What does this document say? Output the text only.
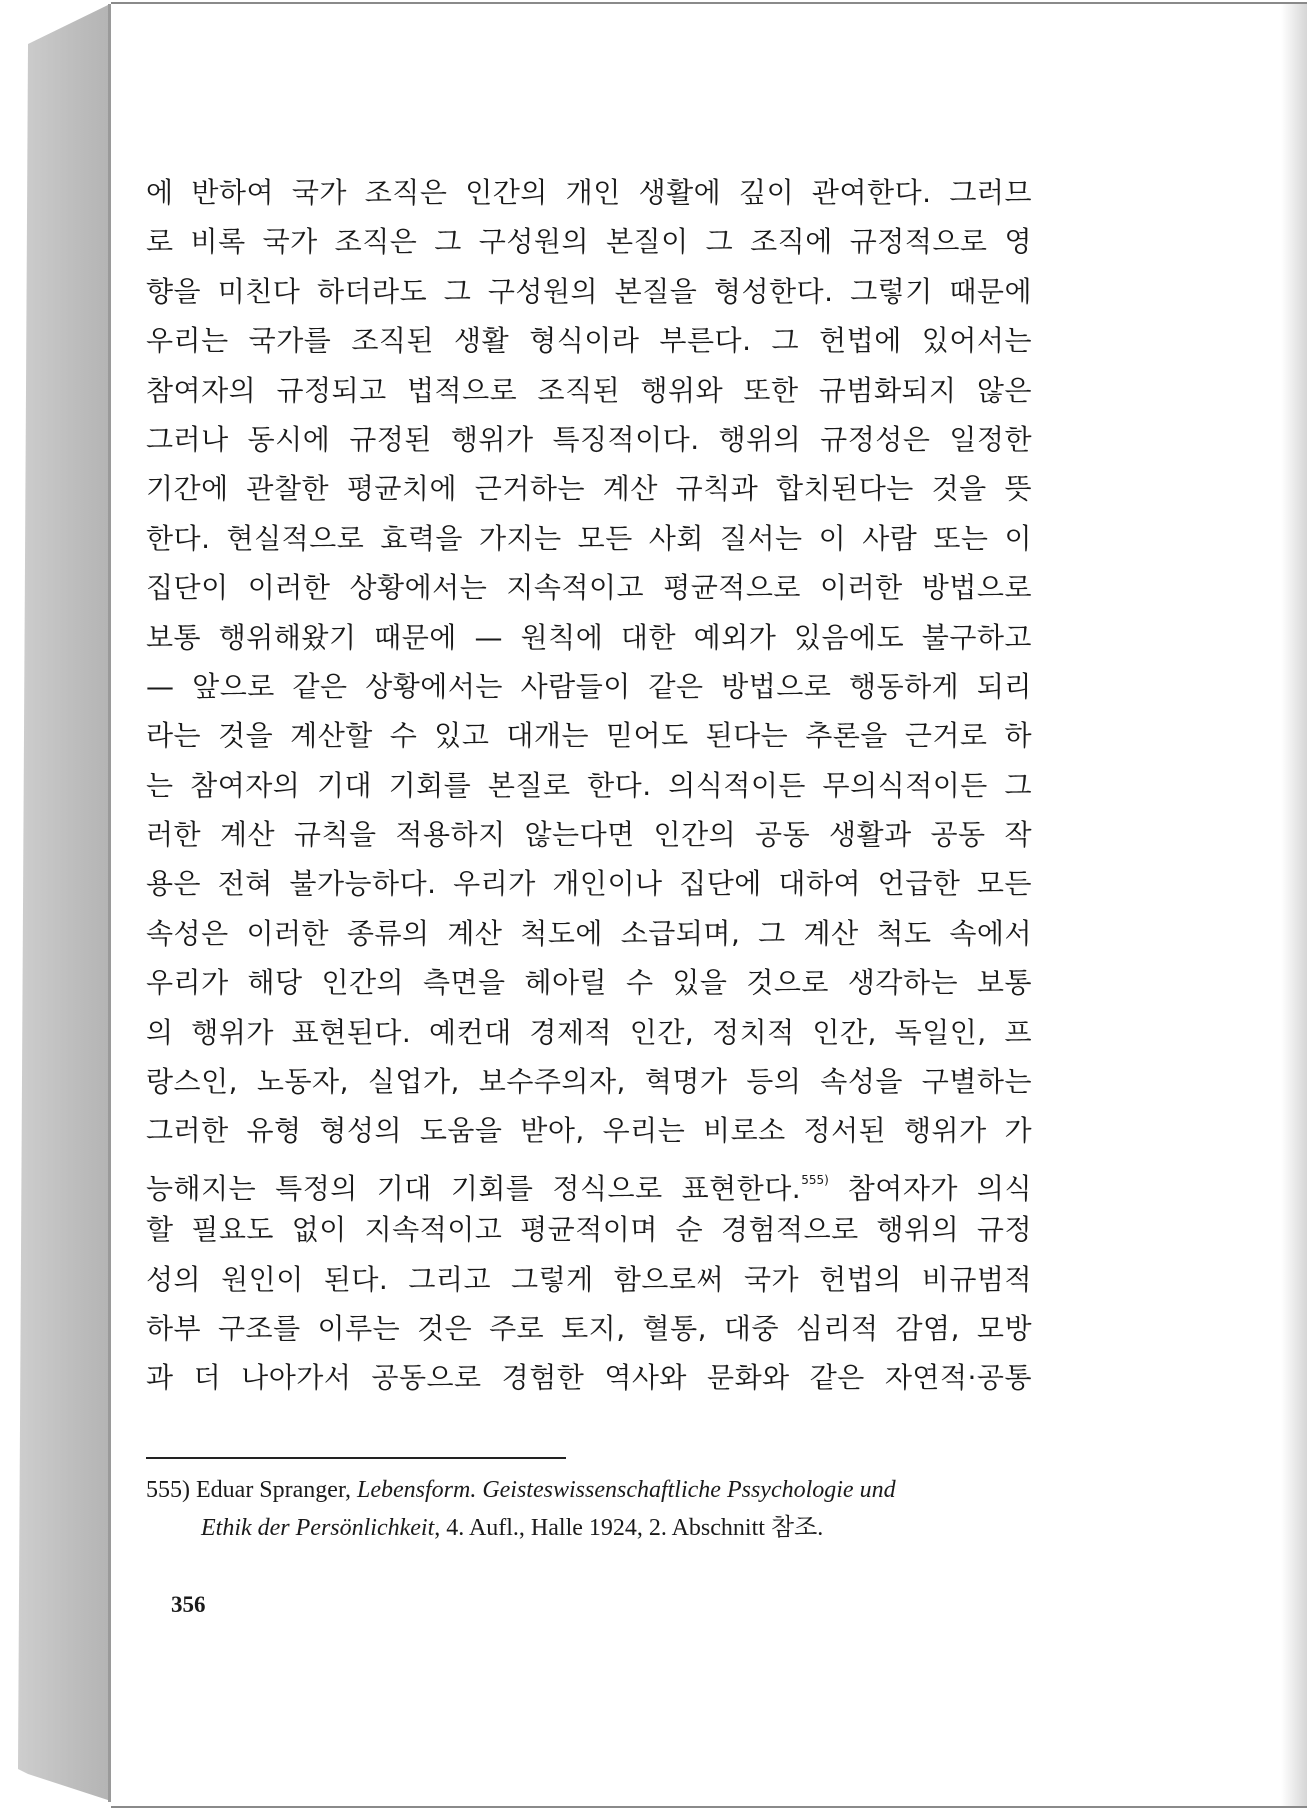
에 반하여 국가 조직은 인간의 개인 생활에 깊이 관여한다. 그러므
로 비록 국가 조직은 그 구성원의 본질이 그 조직에 규정적으로 영
향을 미친다 하더라도 그 구성원의 본질을 형성한다. 그렇기 때문에
우리는 국가를 조직된 생활 형식이라 부른다. 그 헌법에 있어서는
참여자의 규정되고 법적으로 조직된 행위와 또한 규범화되지 않은
그러나 동시에 규정된 행위가 특징적이다. 행위의 규정성은 일정한
기간에 관찰한 평균치에 근거하는 계산 규칙과 합치된다는 것을 뜻
한다. 현실적으로 효력을 가지는 모든 사회 질서는 이 사람 또는 이
집단이 이러한 상황에서는 지속적이고 평균적으로 이러한 방법으로
보통 행위해왔기 때문에 — 원칙에 대한 예외가 있음에도 불구하고
— 앞으로 같은 상황에서는 사람들이 같은 방법으로 행동하게 되리
라는 것을 계산할 수 있고 대개는 믿어도 된다는 추론을 근거로 하
는 참여자의 기대 기회를 본질로 한다. 의식적이든 무의식적이든 그
러한 계산 규칙을 적용하지 않는다면 인간의 공동 생활과 공동 작
용은 전혀 불가능하다. 우리가 개인이나 집단에 대하여 언급한 모든
속성은 이러한 종류의 계산 척도에 소급되며, 그 계산 척도 속에서
우리가 해당 인간의 측면을 헤아릴 수 있을 것으로 생각하는 보통
의 행위가 표현된다. 예컨대 경제적 인간, 정치적 인간, 독일인, 프
랑스인, 노동자, 실업가, 보수주의자, 혁명가 등의 속성을 구별하는
그러한 유형 형성의 도움을 받아, 우리는 비로소 정서된 행위가 가
능해지는 특정의 기대 기회를 정식으로 표현한다.$^{555)}$ 참여자가 의식
할 필요도 없이 지속적이고 평균적이며 순 경험적으로 행위의 규정
성의 원인이 된다. 그리고 그렇게 함으로써 국가 헌법의 비규범적
하부 구조를 이루는 것은 주로 토지, 혈통, 대중 심리적 감염, 모방
과 더 나아가서 공동으로 경험한 역사와 문화와 같은 자연적·공통
555) Eduar Spranger, Lebensform. Geisteswissenschaftliche Pssychologie und
Ethik der Persönlichkeit, 4. Aufl., Halle 1924, 2. Abschnitt 참조.
356
